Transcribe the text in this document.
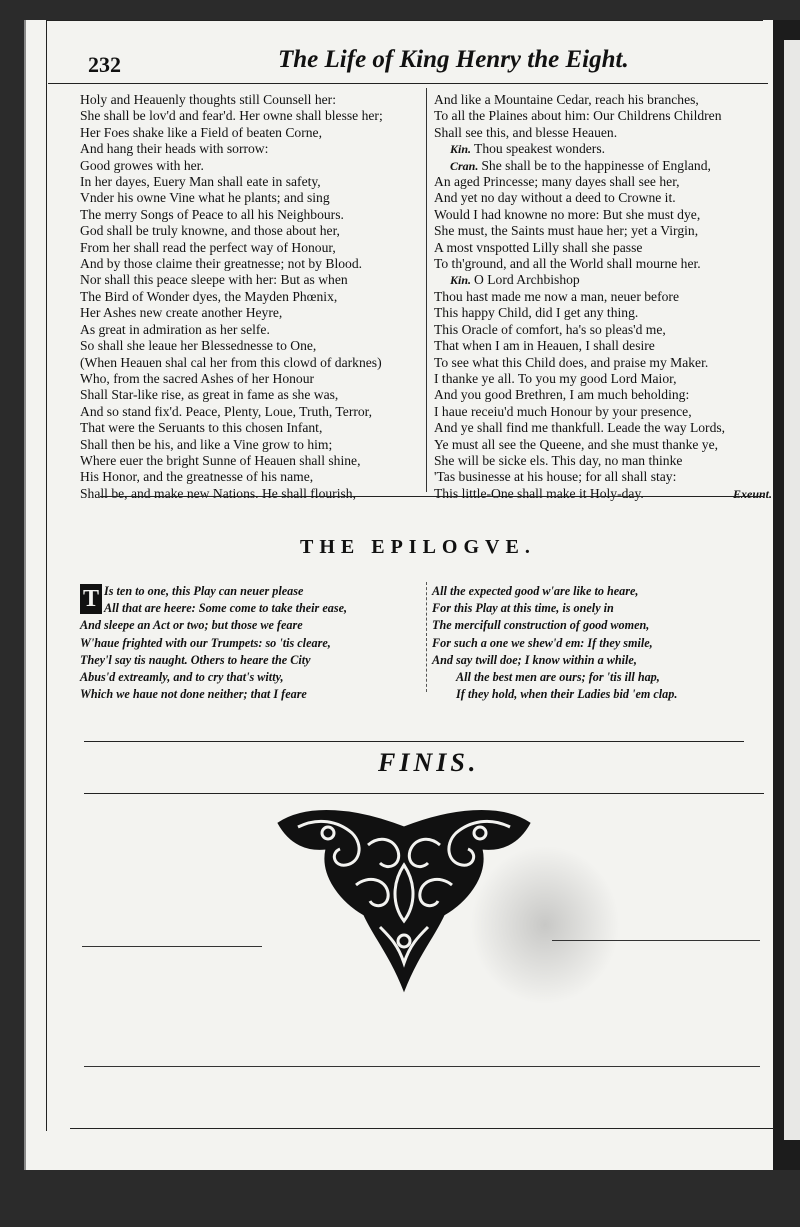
232	The Life of King Henry the Eight.
Holy and Heauenly thoughts still Counsell her:
She shall be lov'd and fear'd. Her owne shall blesse her;
Her Foes shake like a Field of beaten Corne,
And hang their heads with sorrow:
Good growes with her.
In her dayes, Euery Man shall eate in safety,
Vnder his owne Vine what he plants; and sing
The merry Songs of Peace to all his Neighbours.
God shall be truly knowne, and those about her,
From her shall read the perfect way of Honour,
And by those claime their greatnesse; not by Blood.
Nor shall this peace sleepe with her: But as when
The Bird of Wonder dyes, the Mayden Phœnix,
Her Ashes new create another Heyre,
As great in admiration as her selfe.
So shall she leaue her Blessednesse to One,
(When Heauen shal cal her from this clowd of darknes)
Who, from the sacred Ashes of her Honour
Shall Star-like rise, as great in fame as she was,
And so stand fix'd. Peace, Plenty, Loue, Truth, Terror,
That were the Seruants to this chosen Infant,
Shall then be his, and like a Vine grow to him;
Where euer the bright Sunne of Heauen shall shine,
His Honor, and the greatnesse of his name,
Shall be, and make new Nations. He shall flourish,
And like a Mountaine Cedar, reach his branches,
To all the Plaines about him: Our Childrens Children
Shall see this, and blesse Heauen.
Kin. Thou speakest wonders.
Cran. She shall be to the happinesse of England,
An aged Princesse; many dayes shall see her,
And yet no day without a deed to Crowne it.
Would I had knowne no more: But she must dye,
She must, the Saints must haue her; yet a Virgin,
A most vnspotted Lilly shall she passe
To th'ground, and all the World shall mourne her.
Kin. O Lord Archbishop
Thou hast made me now a man, neuer before
This happy Child, did I get any thing.
This Oracle of comfort, ha's so pleas'd me,
That when I am in Heauen, I shall desire
To see what this Child does, and praise my Maker.
I thanke ye all. To you my good Lord Maior,
And you good Brethren, I am much beholding:
I haue receiu'd much Honour by your presence,
And ye shall find me thankfull. Leade the way Lords,
Ye must all see the Queene, and she must thanke ye,
She will be sicke els. This day, no man thinke
'Tas businesse at his house; for all shall stay:
This little-One shall make it Holy-day.	Exeunt.
THE EPILOGVE.
T Is ten to one, this Play can neuer please
All that are heere: Some come to take their ease,
And sleepe an Act or two; but those we feare
W'haue frighted with our Trumpets: so 'tis cleare,
They'l say tis naught. Others to heare the City
Abus'd extreamly, and to cry that's witty,
Which we haue not done neither; that I feare
All the expected good w'are like to heare,
For this Play at this time, is onely in
The mercifull construction of good women,
For such a one we shew'd em: If they smile,
And say twill doe; I know within a while,
All the best men are ours; for 'tis ill hap,
If they hold, when their Ladies bid 'em clap.
FINIS.
